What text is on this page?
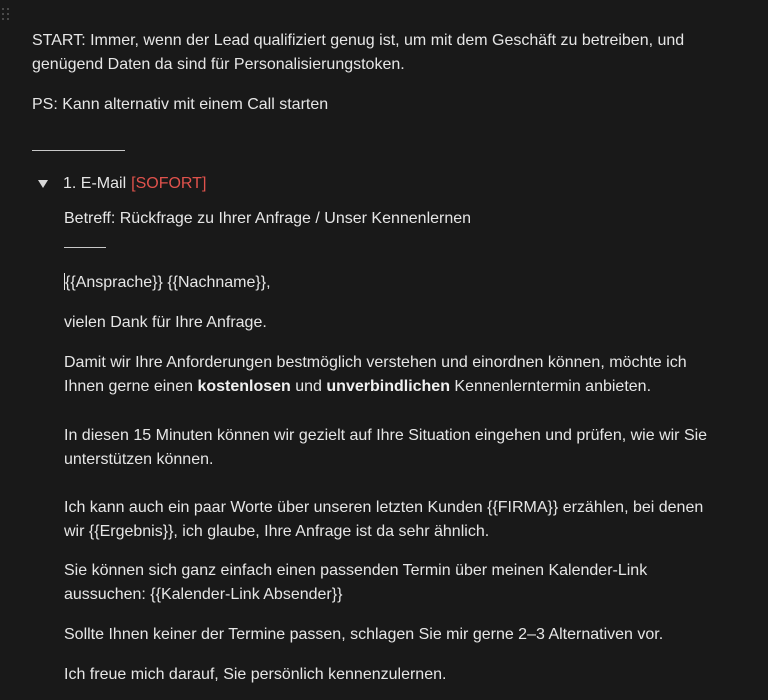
START: Immer, wenn der Lead qualifiziert genug ist, um mit dem Geschäft zu betreiben, und

genügend Daten da sind für Personalisierungstoken.

PS: Kann alternativ mit einem Call starten

1. E-Mail [SOFORT]

Betreff: Rückfrage zu Ihrer Anfrage / Unser Kennenlernen

{{Ansprache}} {{Nachname}},

vielen Dank für Ihre Anfrage.

Damit wir Ihre Anforderungen bestmöglich verstehen und einordnen können, möchte ich

Ihnen gerne einen kostenlosen und unverbindlichen Kennenlerntermin anbieten.

In diesen 15 Minuten können wir gezielt auf Ihre Situation eingehen und prüfen, wie wir Sie

unterstützen können.

Ich kann auch ein paar Worte über unseren letzten Kunden {{FIRMA}} erzählen, bei denen

wir {{Ergebnis}}, ich glaube, Ihre Anfrage ist da sehr ähnlich.

Sie können sich ganz einfach einen passenden Termin über meinen Kalender-Link

aussuchen: {{Kalender-Link Absender}}

Sollte Ihnen keiner der Termine passen, schlagen Sie mir gerne 2–3 Alternativen vor.

Ich freue mich darauf, Sie persönlich kennenzulernen.
